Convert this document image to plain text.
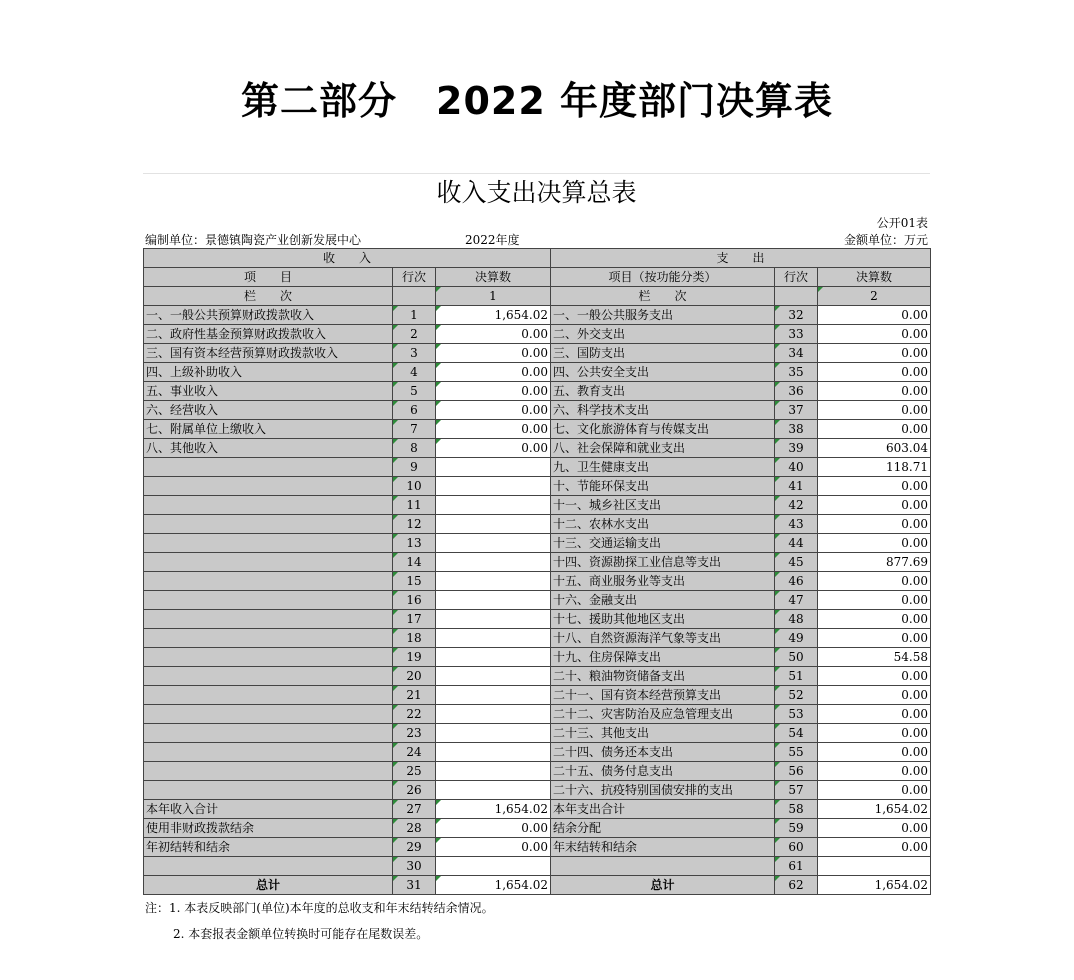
第二部分　2022 年度部门决算表
收入支出决算总表
公开01表
编制单位：景德镇陶瓷产业创新发展中心	2022年度	金额单位：万元
收　　入			支　　出		
项　　目	行次	决算数	项目（按功能分类）	行次	决算数
栏　　次		1	栏　　次		2
一、一般公共预算财政拨款收入	1	1,654.02	一、一般公共服务支出	32	0.00
二、政府性基金预算财政拨款收入	2	0.00	二、外交支出	33	0.00
三、国有资本经营预算财政拨款收入	3	0.00	三、国防支出	34	0.00
四、上级补助收入	4	0.00	四、公共安全支出	35	0.00
五、事业收入	5	0.00	五、教育支出	36	0.00
六、经营收入	6	0.00	六、科学技术支出	37	0.00
七、附属单位上缴收入	7	0.00	七、文化旅游体育与传媒支出	38	0.00
八、其他收入	8	0.00	八、社会保障和就业支出	39	603.04
	9		九、卫生健康支出	40	118.71
	10		十、节能环保支出	41	0.00
	11		十一、城乡社区支出	42	0.00
	12		十二、农林水支出	43	0.00
	13		十三、交通运输支出	44	0.00
	14		十四、资源勘探工业信息等支出	45	877.69
	15		十五、商业服务业等支出	46	0.00
	16		十六、金融支出	47	0.00
	17		十七、援助其他地区支出	48	0.00
	18		十八、自然资源海洋气象等支出	49	0.00
	19		十九、住房保障支出	50	54.58
	20		二十、粮油物资储备支出	51	0.00
	21		二十一、国有资本经营预算支出	52	0.00
	22		二十二、灾害防治及应急管理支出	53	0.00
	23		二十三、其他支出	54	0.00
	24		二十四、债务还本支出	55	0.00
	25		二十五、债务付息支出	56	0.00
	26		二十六、抗疫特别国债安排的支出	57	0.00
本年收入合计	27	1,654.02	本年支出合计	58	1,654.02
使用非财政拨款结余	28	0.00	结余分配	59	0.00
年初结转和结余	29	0.00	年末结转和结余	60	0.00
	30			61	
总计	31	1,654.02	总计	62	1,654.02
注：1. 本表反映部门(单位)本年度的总收支和年末结转结余情况。
2. 本套报表金额单位转换时可能存在尾数误差。
